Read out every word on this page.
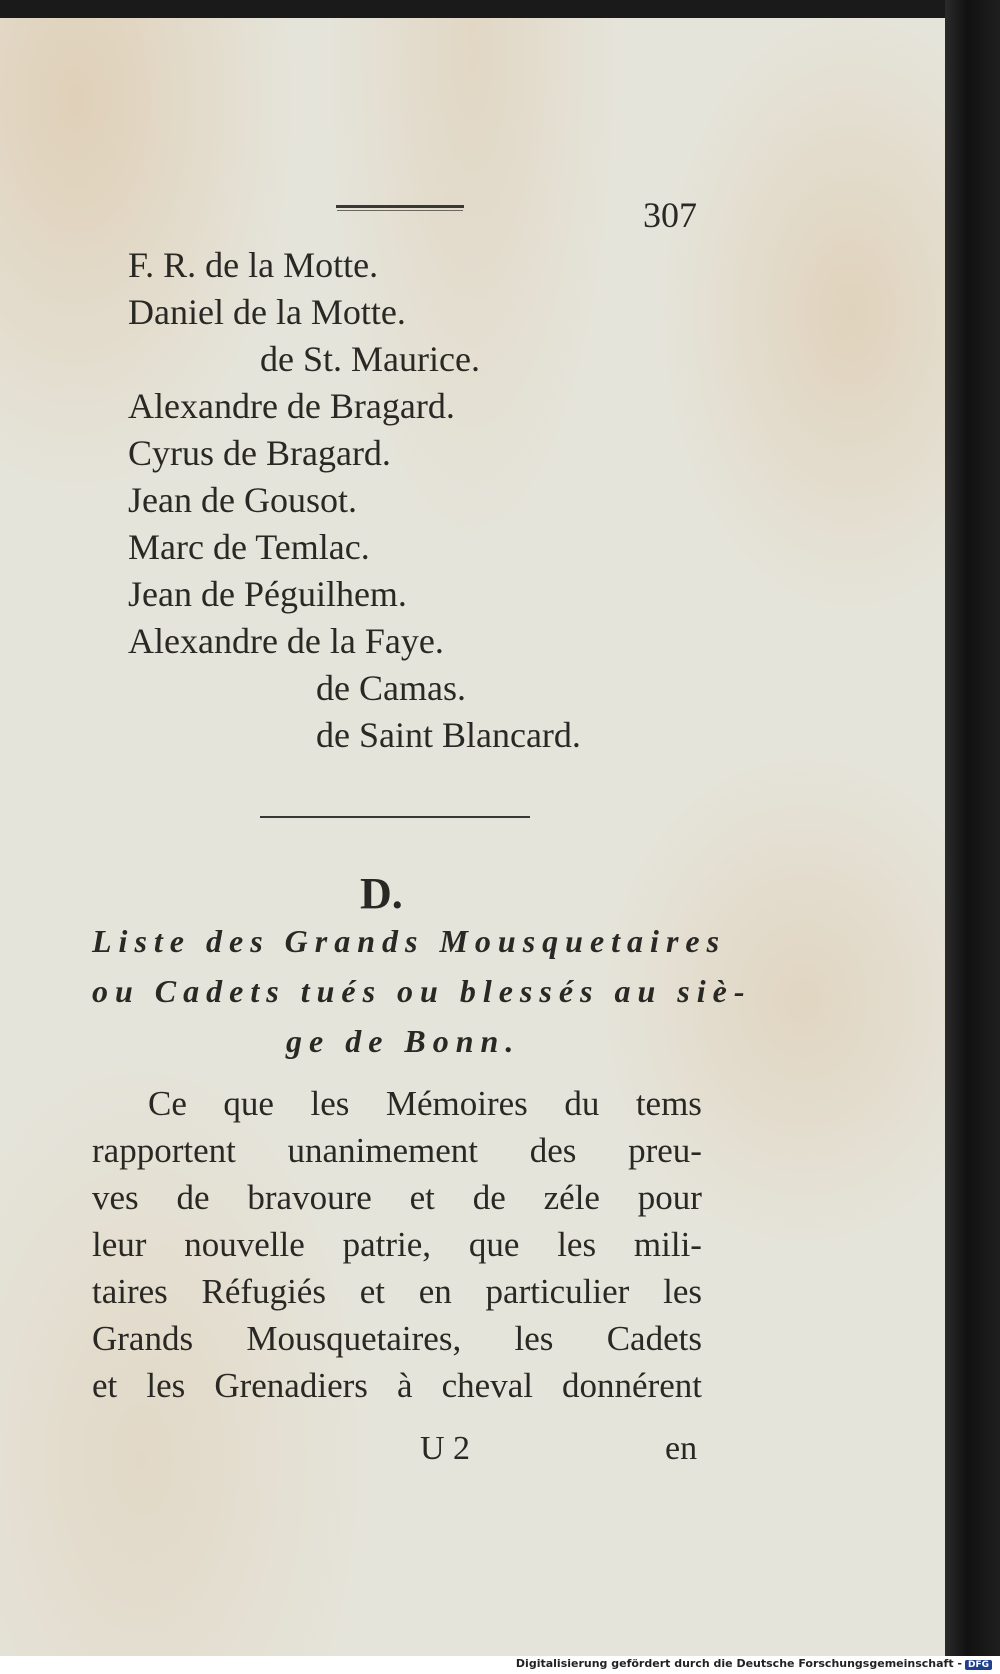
307
F. R. de la Motte.
Daniel de la Motte.
de St. Maurice.
Alexandre de Bragard.
Cyrus de Bragard.
Jean de Gousot.
Marc de Temlac.
Jean de Péguilhem.
Alexandre de la Faye.
de Camas.
de Saint Blancard.
D.
Liste des Grands Mousquetaires
ou Cadets tués ou blessés au siè-
ge de Bonn.
Ce que les Mémoires du tems
rapportent unanimement des preu-
ves de bravoure et de zéle pour
leur nouvelle patrie, que les mili-
taires Réfugiés et en particulier les
Grands Mousquetaires, les Cadets
et les Grenadiers à cheval donnérent
U 2	en
Digitalisierung gefördert durch die Deutsche Forschungsgemeinschaft - DFG
